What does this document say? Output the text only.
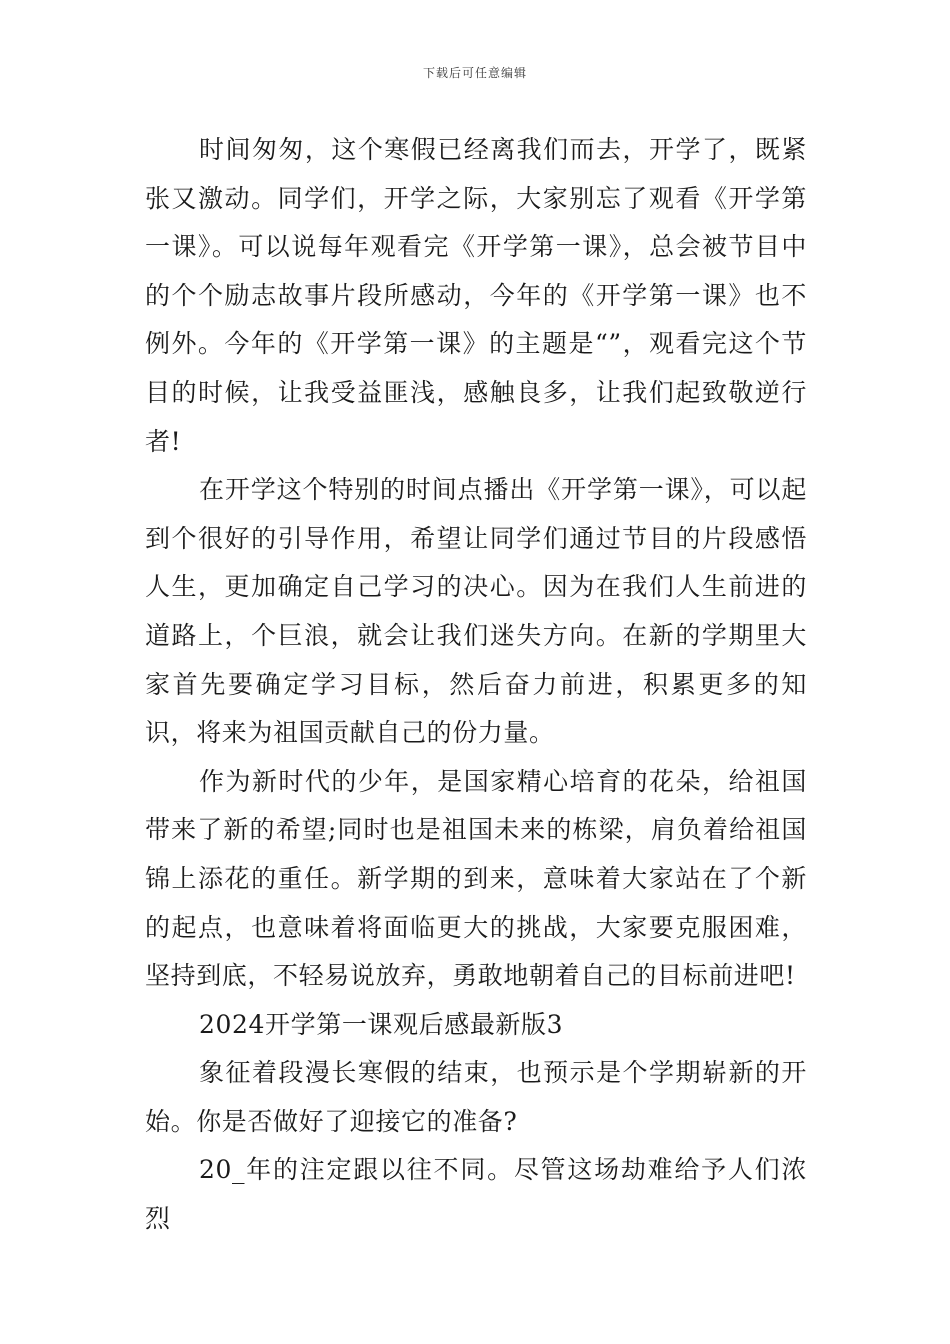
下载后可任意编辑

时间匆匆，这个寒假已经离我们而去，开学了，既紧张又激动。同学们，开学之际，大家别忘了观看《开学第一课》。可以说每年观看完《开学第一课》，总会被节目中的个个励志故事片段所感动，今年的《开学第一课》也不例外。今年的《开学第一课》的主题是“”，观看完这个节目的时候，让我受益匪浅，感触良多，让我们起致敬逆行者!

在开学这个特别的时间点播出《开学第一课》，可以起到个很好的引导作用，希望让同学们通过节目的片段感悟人生，更加确定自己学习的决心。因为在我们人生前进的道路上，个巨浪，就会让我们迷失方向。在新的学期里大家首先要确定学习目标，然后奋力前进，积累更多的知识，将来为祖国贡献自己的份力量。

作为新时代的少年，是国家精心培育的花朵，给祖国带来了新的希望;同时也是祖国未来的栋梁，肩负着给祖国锦上添花的重任。新学期的到来，意味着大家站在了个新的起点，也意味着将面临更大的挑战，大家要克服困难，坚持到底，不轻易说放弃，勇敢地朝着自己的目标前进吧!

2024开学第一课观后感最新版3

象征着段漫长寒假的结束，也预示是个学期崭新的开始。你是否做好了迎接它的准备?

20_年的注定跟以往不同。尽管这场劫难给予人们浓烈
